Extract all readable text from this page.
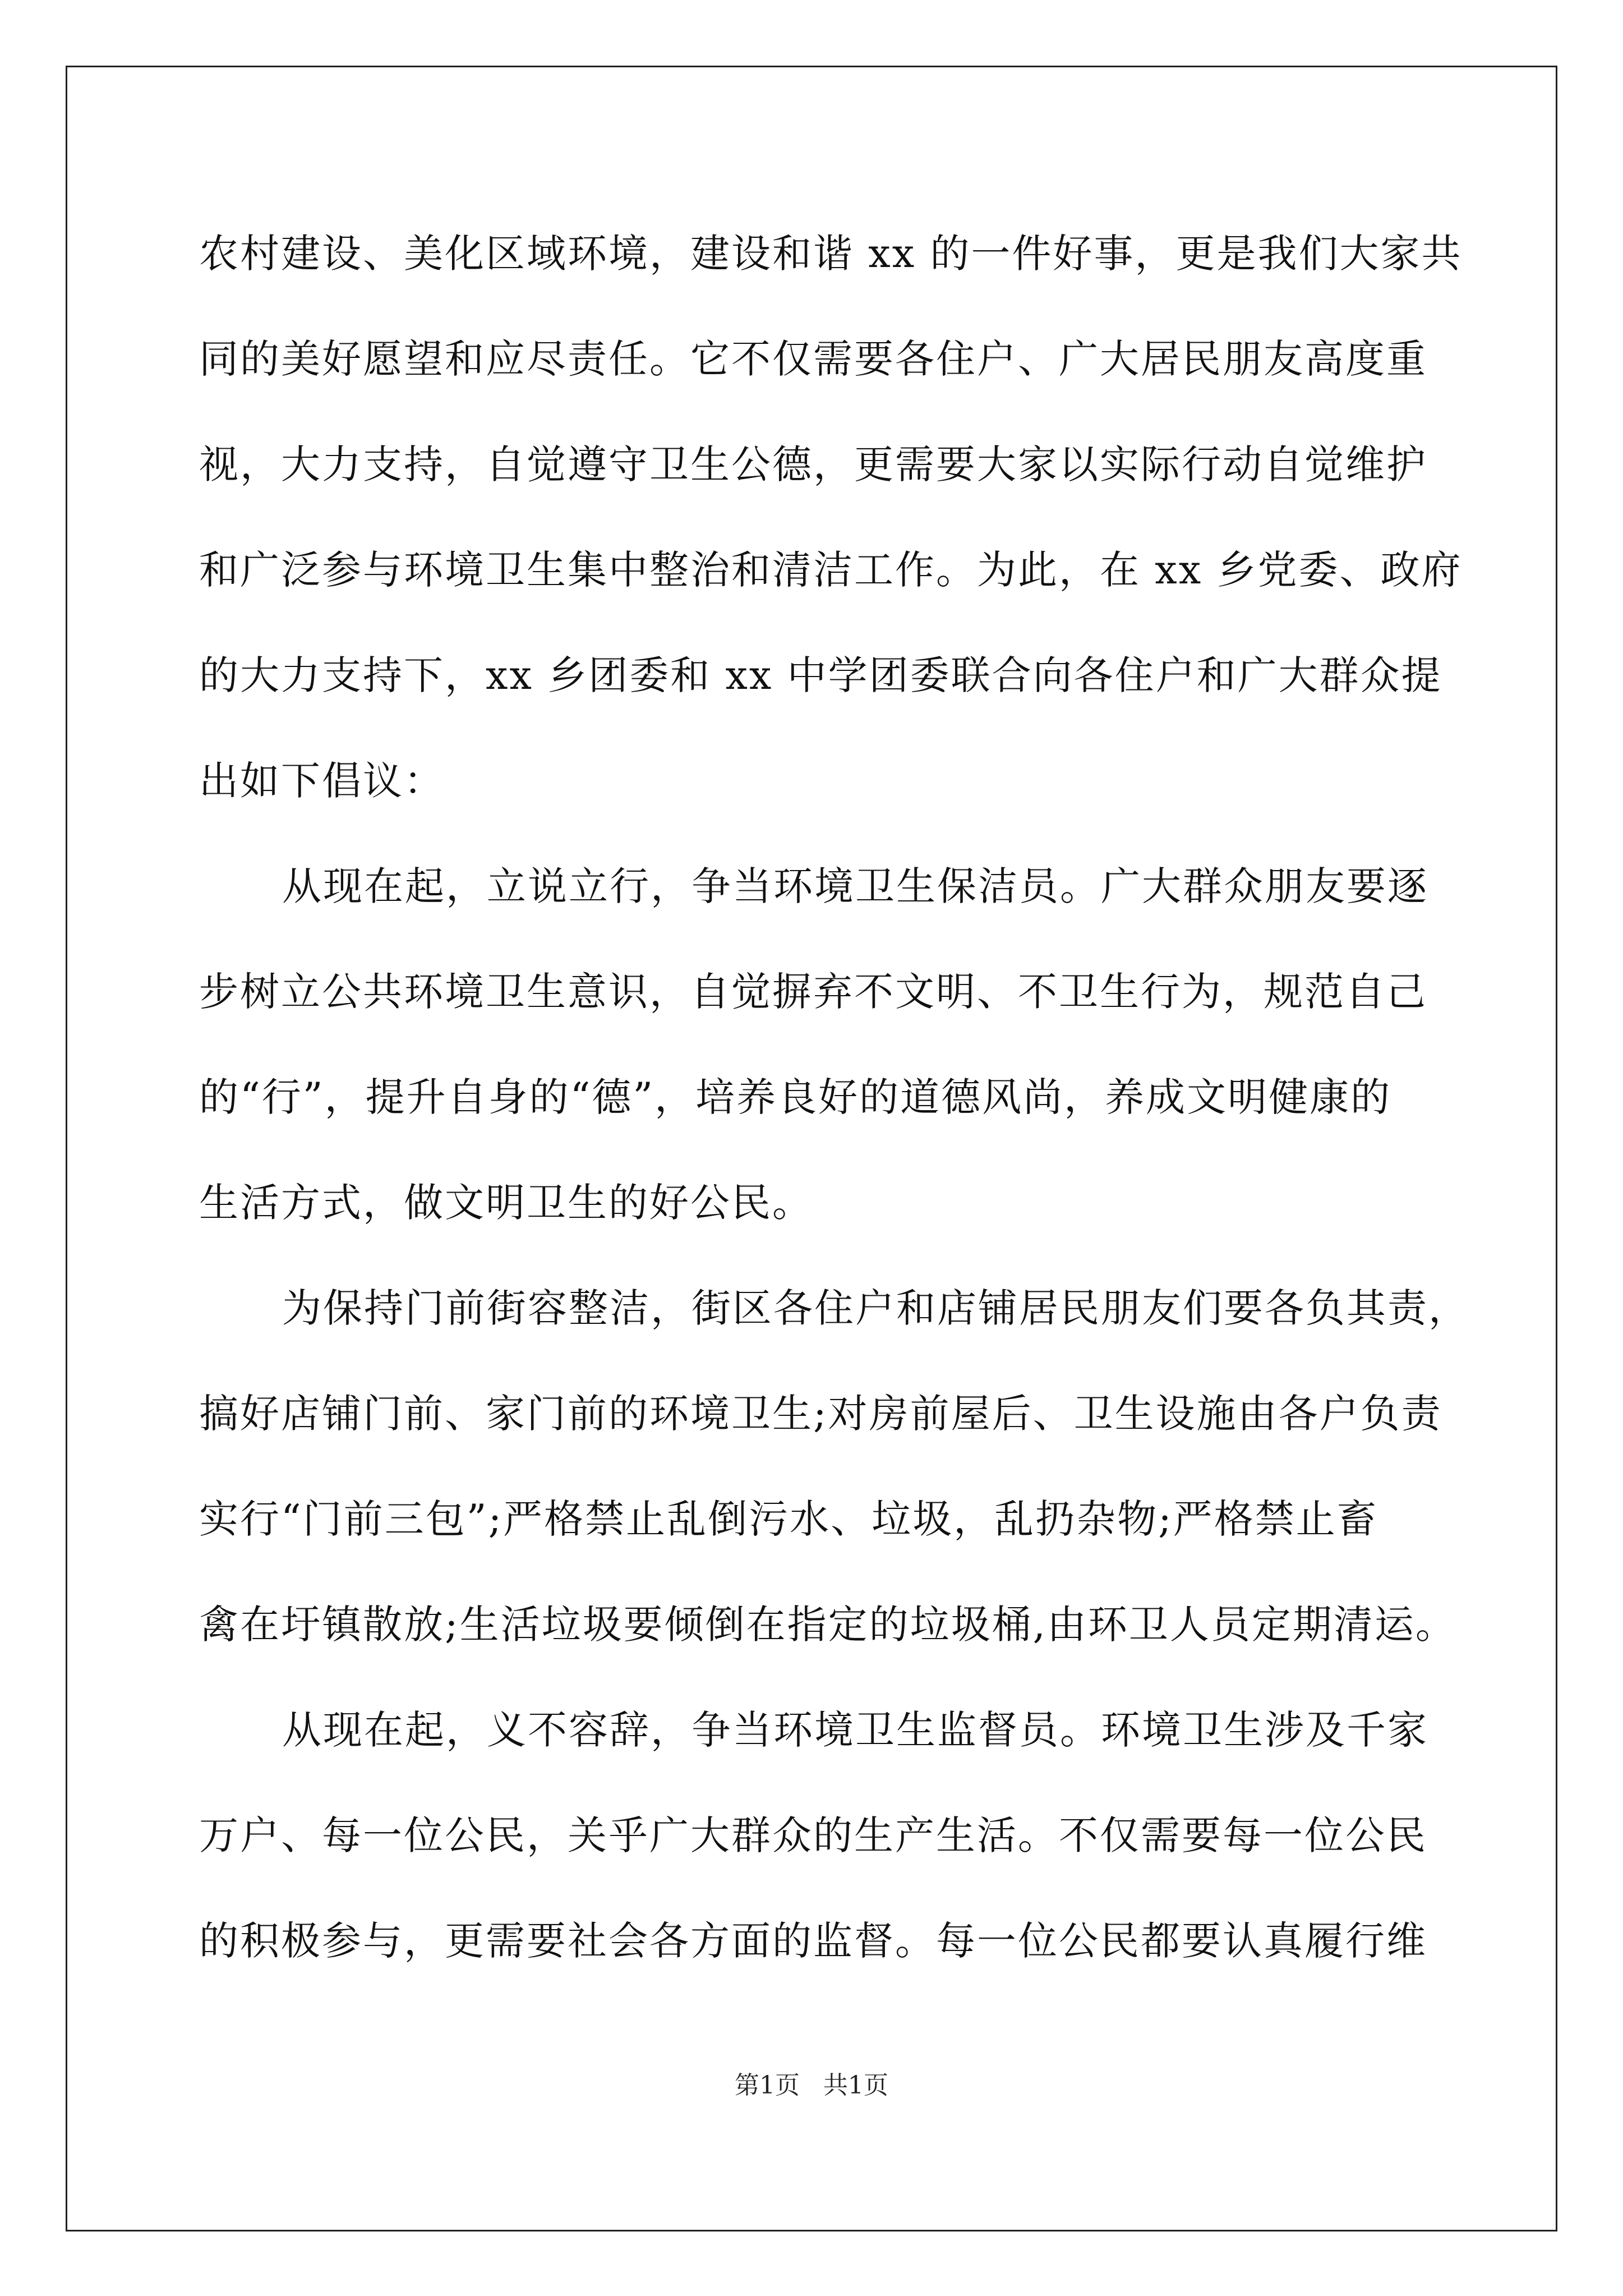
农村建设、美化区域环境，建设和谐 xx 的一件好事，更是我们大家共
同的美好愿望和应尽责任。它不仅需要各住户、广大居民朋友高度重
视，大力支持，自觉遵守卫生公德，更需要大家以实际行动自觉维护
和广泛参与环境卫生集中整治和清洁工作。为此，在 xx 乡党委、政府
的大力支持下，xx 乡团委和 xx 中学团委联合向各住户和广大群众提
出如下倡议：
从现在起，立说立行，争当环境卫生保洁员。广大群众朋友要逐
步树立公共环境卫生意识，自觉摒弃不文明、不卫生行为，规范自己
的“行”，提升自身的“德”，培养良好的道德风尚，养成文明健康的
生活方式，做文明卫生的好公民。
为保持门前街容整洁，街区各住户和店铺居民朋友们要各负其责，
搞好店铺门前、家门前的环境卫生;对房前屋后、卫生设施由各户负责
实行“门前三包”;严格禁止乱倒污水、垃圾，乱扔杂物;严格禁止畜
禽在圩镇散放;生活垃圾要倾倒在指定的垃圾桶,由环卫人员定期清运。
从现在起，义不容辞，争当环境卫生监督员。环境卫生涉及千家
万户、每一位公民，关乎广大群众的生产生活。不仅需要每一位公民
的积极参与，更需要社会各方面的监督。每一位公民都要认真履行维
第1页   共1页
